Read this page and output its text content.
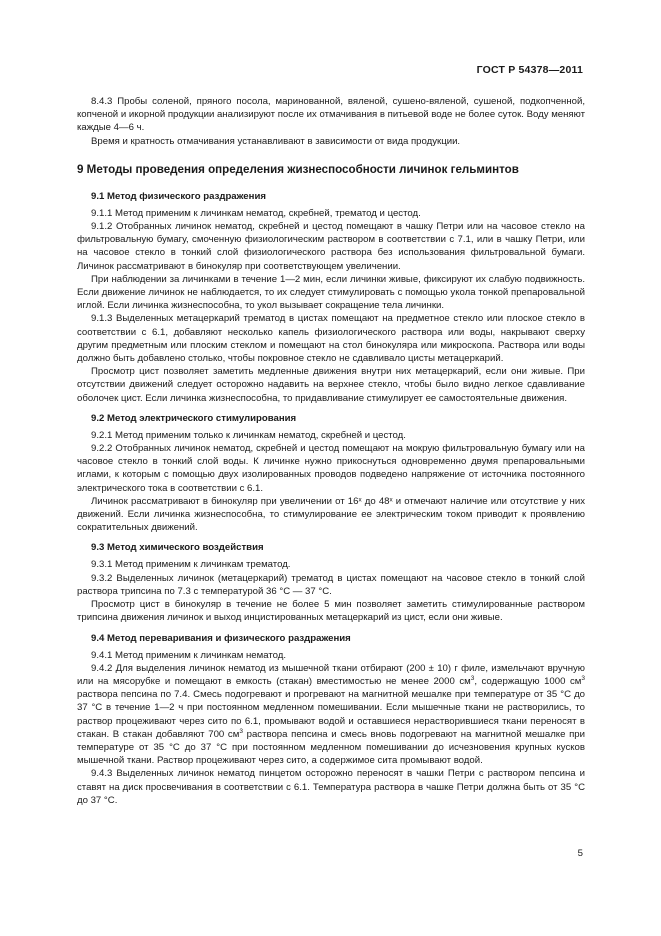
ГОСТ Р 54378—2011

8.4.3 Пробы соленой, пряного посола, маринованной, вяленой, сушено-вяленой, сушеной, подкопченной, копченой и икорной продукции анализируют после их отмачивания в питьевой воде не более суток. Воду меняют каждые 4—6 ч.

Время и кратность отмачивания устанавливают в зависимости от вида продукции.

9 Методы проведения определения жизнеспособности личинок гельминтов
9.1 Метод физического раздражения

9.1.1 Метод применим к личинкам нематод, скребней, трематод и цестод.

9.1.2 Отобранных личинок нематод, скребней и цестод помещают в чашку Петри или на часовое стекло на фильтровальную бумагу, смоченную физиологическим раствором в соответствии с 7.1, или в чашку Петри, или на часовое стекло в тонкий слой физиологического раствора без использования фильтровальной бумаги. Личинок рассматривают в бинокуляр при соответствующем увеличении.

При наблюдении за личинками в течение 1—2 мин, если личинки живые, фиксируют их слабую подвижность. Если движение личинок не наблюдается, то их следует стимулировать с помощью укола тонкой препаровальной иглой. Если личинка жизнеспособна, то укол вызывает сокращение тела личинки.

9.1.3 Выделенных метацеркарий трематод в цистах помещают на предметное стекло или плоское стекло в соответствии с 6.1, добавляют несколько капель физиологического раствора или воды, накрывают сверху другим предметным или плоским стеклом и помещают на стол бинокуляра или микроскопа. Раствора или воды должно быть добавлено столько, чтобы покровное стекло не сдавливало цисты метацеркарий.

Просмотр цист позволяет заметить медленные движения внутри них метацеркарий, если они живые. При отсутствии движений следует осторожно надавить на верхнее стекло, чтобы было видно легкое сдавливание оболочек цист. Если личинка жизнеспособна, то придавливание стимулирует ее самостоятельные движения.

9.2 Метод электрического стимулирования

9.2.1 Метод применим только к личинкам нематод, скребней и цестод.

9.2.2 Отобранных личинок нематод, скребней и цестод помещают на мокрую фильтровальную бумагу или на часовое стекло в тонкий слой воды. К личинке нужно прикоснуться одновременно двумя препаровальными иглами, к которым с помощью двух изолированных проводов подведено напряжение от источника постоянного электрического тока в соответствии с 6.1.

Личинок рассматривают в бинокуляр при увеличении от 16ˣ до 48ˣ и отмечают наличие или отсутствие у них движений. Если личинка жизнеспособна, то стимулирование ее электрическим током приводит к проявлению сократительных движений.

9.3 Метод химического воздействия

9.3.1 Метод применим к личинкам трематод.

9.3.2 Выделенных личинок (метацеркарий) трематод в цистах помещают на часовое стекло в тонкий слой раствора трипсина по 7.3 с температурой 36 °С — 37 °С.

Просмотр цист в бинокуляр в течение не более 5 мин позволяет заметить стимулированные раствором трипсина движения личинок и выход инцистированных метацеркарий из цист, если они живые.

9.4 Метод переваривания и физического раздражения

9.4.1 Метод применим к личинкам нематод.

9.4.2 Для выделения личинок нематод из мышечной ткани отбирают (200 ± 10) г филе, измельчают вручную или на мясорубке и помещают в емкость (стакан) вместимостью не менее 2000 $см^3$, содержащую 1000 $см^3$ раствора пепсина по 7.4. Смесь подогревают и прогревают на магнитной мешалке при температуре от 35 °С до 37 °С в течение 1—2 ч при постоянном медленном помешивании. Если мышечные ткани не растворились, то раствор процеживают через сито по 6.1, промывают водой и оставшиеся нерастворившиеся ткани переносят в стакан. В стакан добавляют 700 $см^3$ раствора пепсина и смесь вновь подогревают на магнитной мешалке при температуре от 35 °С до 37 °С при постоянном медленном помешивании до исчезновения крупных кусков мышечной ткани. Раствор процеживают через сито, а содержимое сита промывают водой.

9.4.3 Выделенных личинок нематод пинцетом осторожно переносят в чашки Петри с раствором пепсина и ставят на диск просвечивания в соответствии с 6.1. Температура раствора в чашке Петри должна быть от 35 °С до 37 °С.

5
